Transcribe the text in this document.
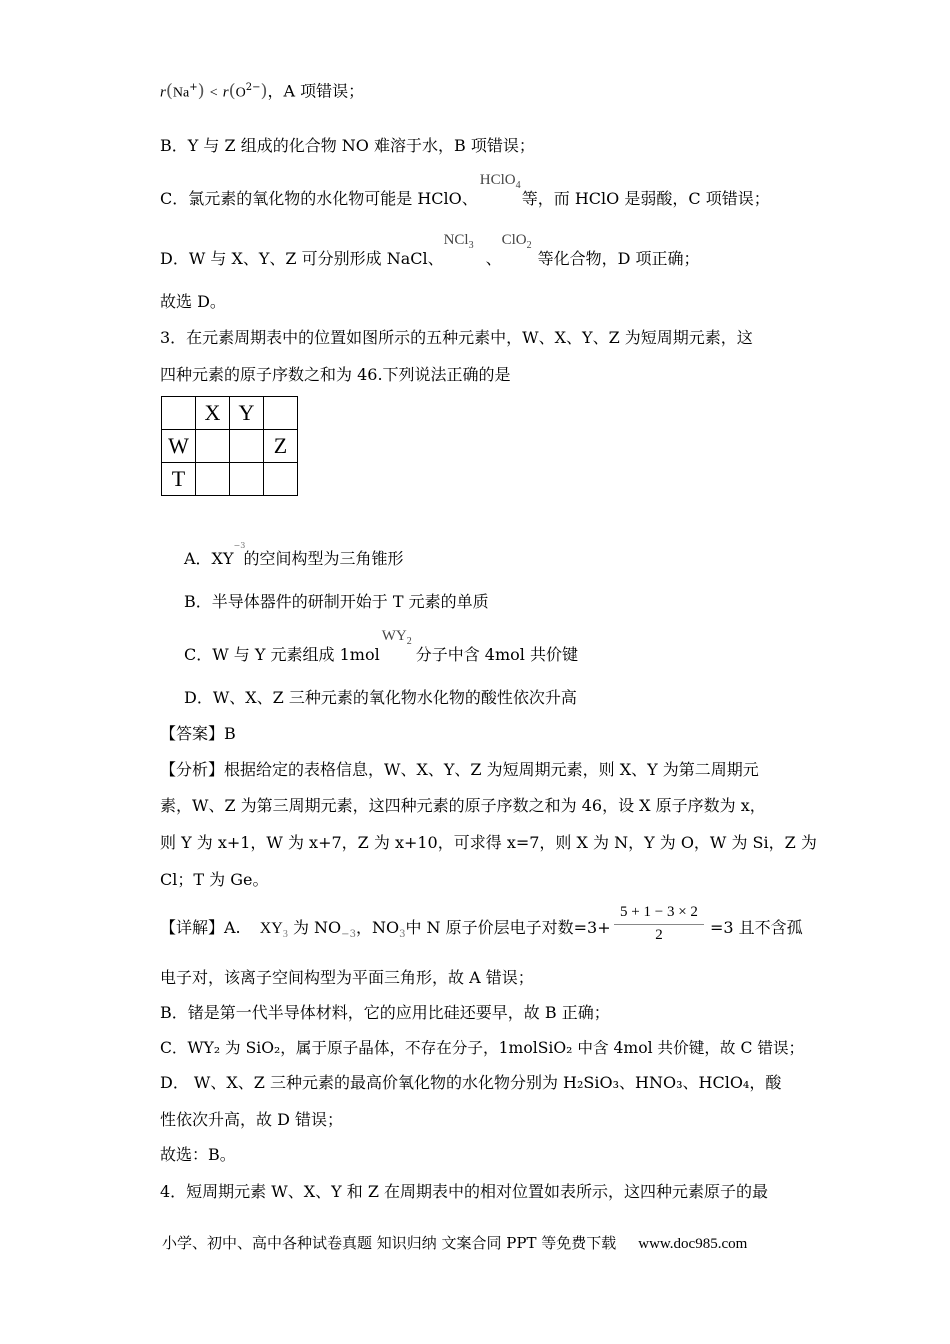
$r(Na^+) < r(O^{2-})$，A 项错误；
B．Y 与 Z 组成的化合物 NO 难溶于水，B 项错误；
C．氯元素的氧化物的水化物可能是 HClO、
HClO$_4$
等，而 HClO 是弱酸，C 项错误；
D．W 与 X、Y、Z 可分别形成 NaCl、
NCl$_3$
、
ClO$_2$
等化合物，D 项正确；
故选 D。
3．在元素周期表中的位置如图所示的五种元素中，W、X、Y、Z 为短周期元素，这
四种元素的原子序数之和为 46.下列说法正确的是
	X	Y	
W			Z
T			
A．XY
−3
的空间构型为三角锥形
B．半导体器件的研制开始于 T 元素的单质
C．W 与 Y 元素组成 1mol
$WY_2$
分子中含 4mol 共价键
D．W、X、Z 三种元素的氧化物水化物的酸性依次升高
【答案】B
【分析】根据给定的表格信息，W、X、Y、Z 为短周期元素，则 X、Y 为第二周期元
素，W、Z 为第三周期元素，这四种元素的原子序数之和为 46，设 X 原子序数为 x，
则 Y 为 x+1，W 为 x+7，Z 为 x+10，可求得 x=7，则 X 为 N，Y 为 O，W 为 Si，Z 为
Cl；T 为 Ge。
【详解】A. $XY_3$ 为 $NO_{-3}$，$NO_3$中 N 原子价层电子对数=3+
5 + 1 − 3 × 2
2	=3 且不含孤
电子对，该离子空间构型为平面三角形，故 A 错误；
B．锗是第一代半导体材料，它的应用比硅还要早，故 B 正确；
C．WY₂ 为 SiO₂，属于原子晶体，不存在分子，1molSiO₂ 中含 4mol 共价键，故 C 错误；
D． W、X、Z 三种元素的最高价氧化物的水化物分别为 H₂SiO₃、HNO₃、HClO₄，酸
性依次升高，故 D 错误；
故选：B。
4．短周期元素 W、X、Y 和 Z 在周期表中的相对位置如表所示，这四种元素原子的最
小学、初中、高中各种试卷真题 知识归纳 文案合同 PPT 等免费下载 www.doc985.com
